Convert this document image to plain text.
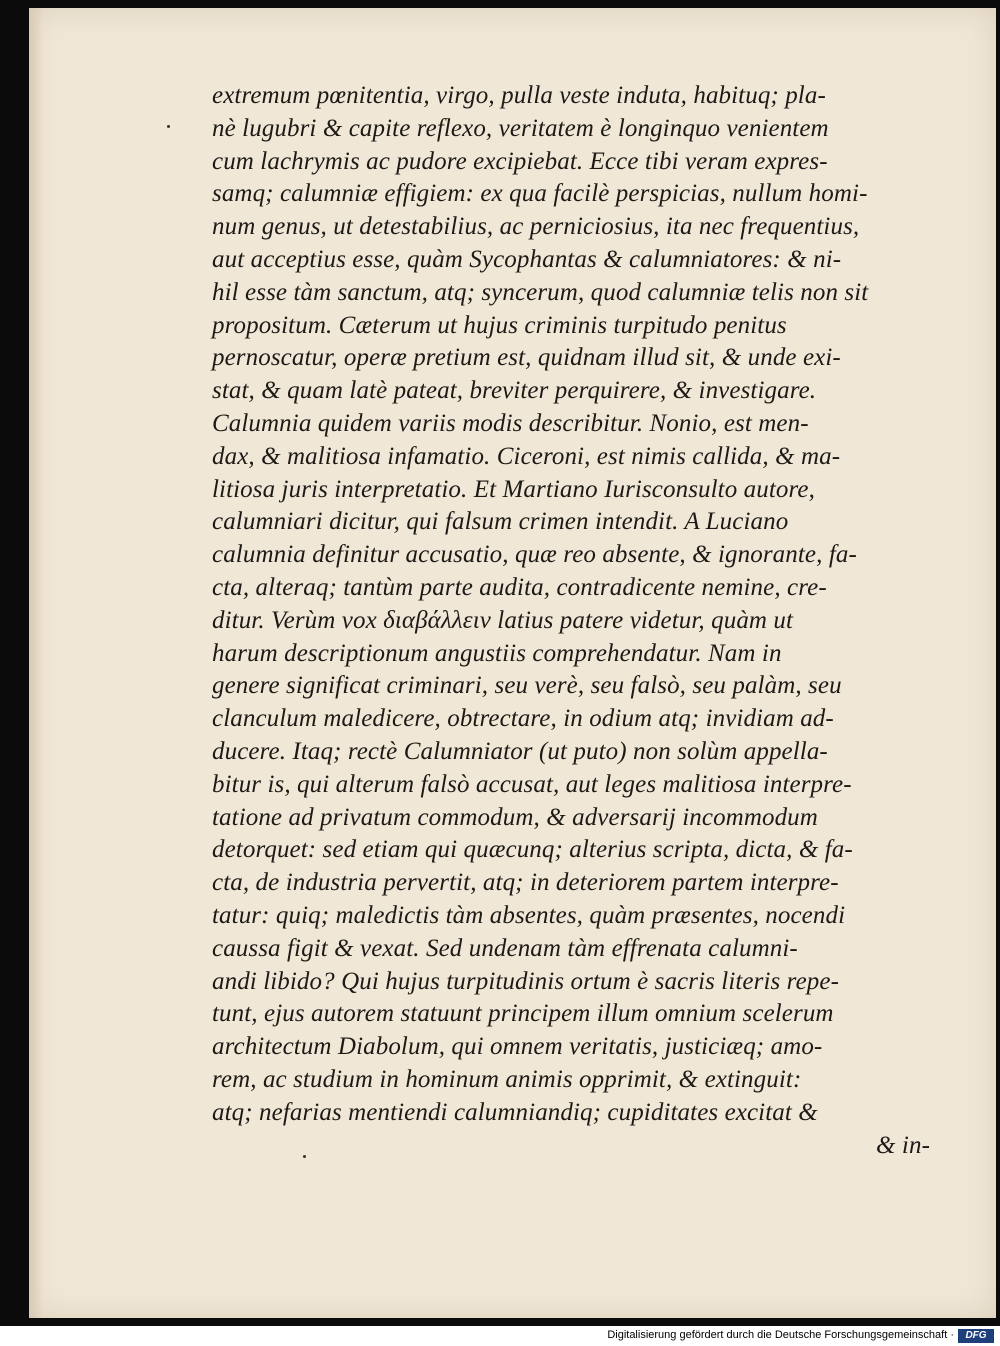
extremum pœnitentia, virgo, pulla veste induta, habituq; pla-
nè lugubri & capite reflexo, veritatem è longinquo venientem
cum lachrymis ac pudore excipiebat. Ecce tibi veram expres-
samq; calumniæ effigiem: ex qua facilè perspicias, nullum homi-
num genus, ut detestabilius, ac perniciosius, ita nec frequentius,
aut acceptius esse, quàm Sycophantas & calumniatores: & ni-
hil esse tàm sanctum, atq; syncerum, quod calumniæ telis non sit
propositum. Cæterum ut hujus criminis turpitudo penitus
pernoscatur, operæ pretium est, quidnam illud sit, & unde exi-
stat, & quam latè pateat, breviter perquirere, & investigare.
Calumnia quidem variis modis describitur. Nonio, est men-
dax, & malitiosa infamatio. Ciceroni, est nimis callida, & ma-
litiosa juris interpretatio. Et Martiano Iurisconsulto autore,
calumniari dicitur, qui falsum crimen intendit. A Luciano
calumnia definitur accusatio, quæ reo absente, & ignorante, fa-
cta, alteraq; tantùm parte audita, contradicente nemine, cre-
ditur. Verùm vox διαβάλλειν latius patere videtur, quàm ut
harum descriptionum angustiis comprehendatur. Nam in
genere significat criminari, seu verè, seu falsò, seu palàm, seu
clanculum maledicere, obtrectare, in odium atq; invidiam ad-
ducere. Itaq; rectè Calumniator (ut puto) non solùm appella-
bitur is, qui alterum falsò accusat, aut leges malitiosa interpre-
tatione ad privatum commodum, & adversarij incommodum
detorquet: sed etiam qui quæcunq; alterius scripta, dicta, & fa-
cta, de industria pervertit, atq; in deteriorem partem interpre-
tatur: quiq; maledictis tàm absentes, quàm præsentes, nocendi
caussa figit & vexat. Sed undenam tàm effrenata calumni-
andi libido? Qui hujus turpitudinis ortum è sacris literis repe-
tunt, ejus autorem statuunt principem illum omnium scelerum
architectum Diabolum, qui omnem veritatis, justiciæq; amo-
rem, ac studium in hominum animis opprimit, & extinguit:
atq; nefarias mentiendi calumniandiq; cupiditates excitat &
& in-
Digitalisierung gefördert durch die Deutsche Forschungsgemeinschaft ·	DFG
